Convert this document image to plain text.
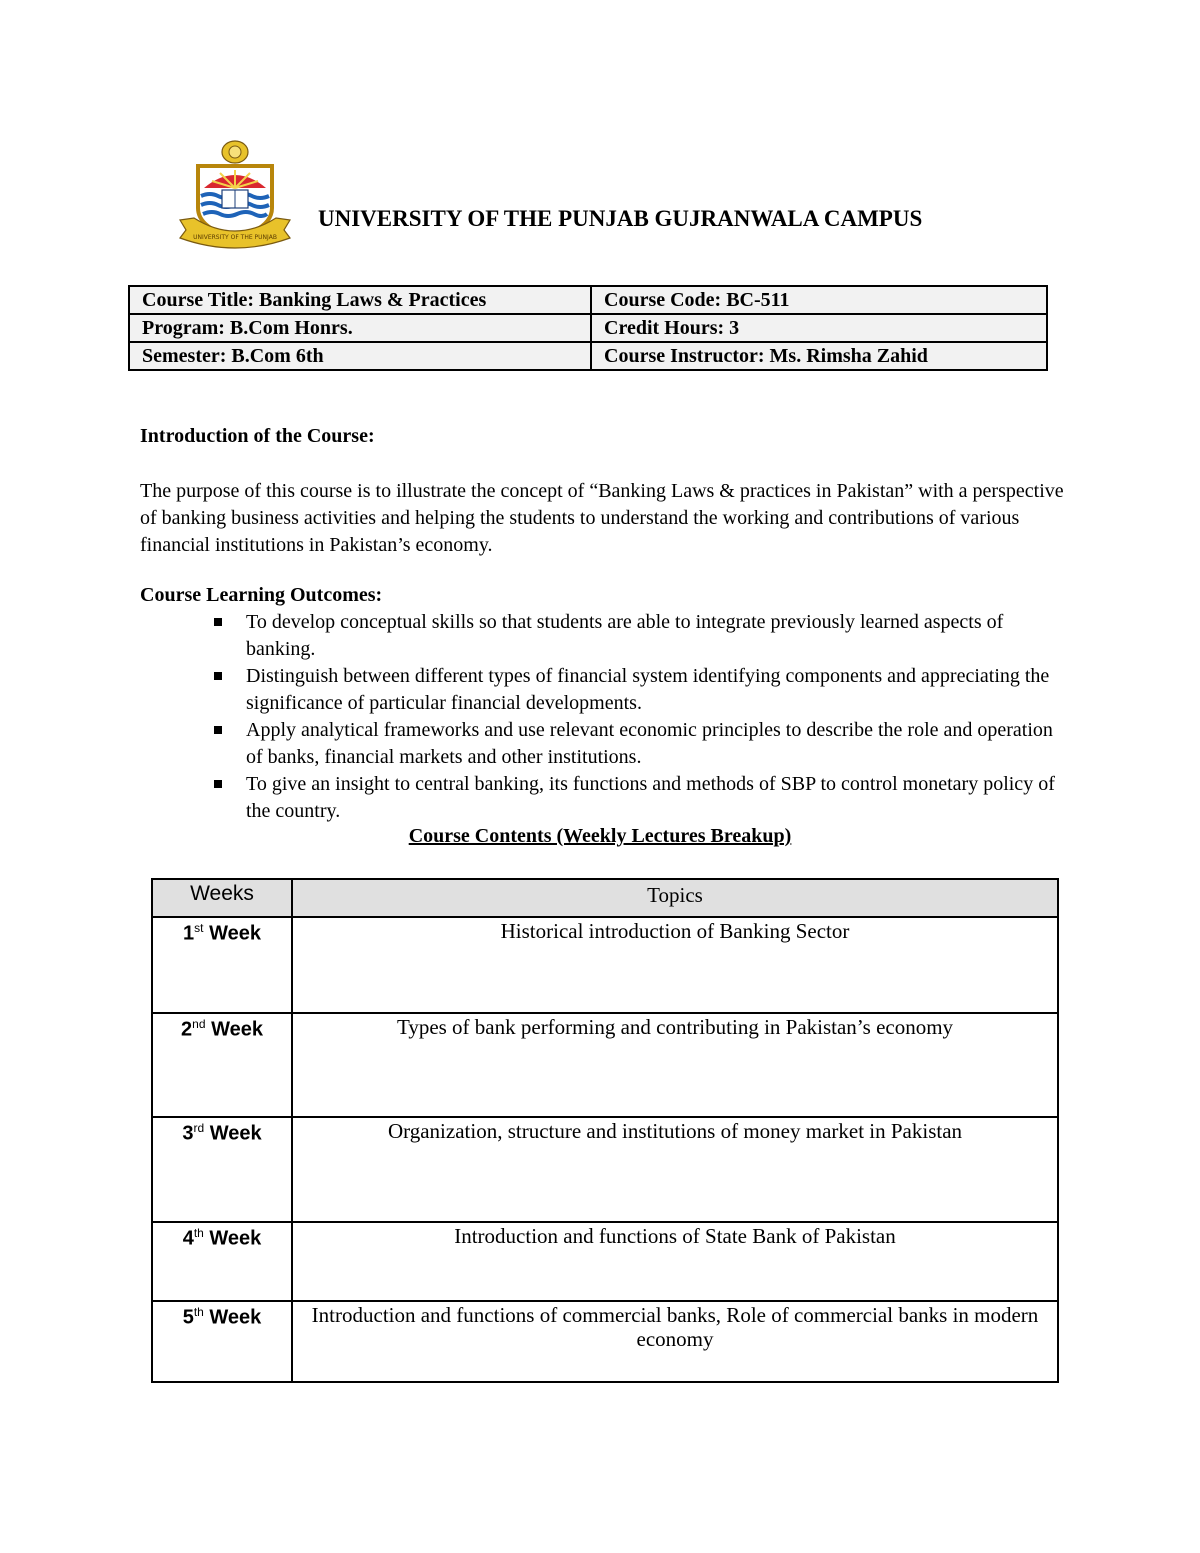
UNIVERSITY OF THE PUNJAB
UNIVERSITY OF THE PUNJAB GUJRANWALA CAMPUS
Course Title: Banking Laws & Practices	Course Code: BC-511
Program: B.Com Honrs.	Credit Hours: 3
Semester: B.Com 6th	Course Instructor: Ms. Rimsha Zahid
Introduction of the Course:
The purpose of this course is to illustrate the concept of “Banking Laws & practices in Pakistan” with a perspective of banking business activities and helping the students to understand the working and contributions of various financial institutions in Pakistan’s economy.
Course Learning Outcomes:
To develop conceptual skills so that students are able to integrate previously learned aspects of banking.
Distinguish between different types of financial system identifying components and appreciating the significance of particular financial developments.
Apply analytical frameworks and use relevant economic principles to describe the role and operation of banks, financial markets and other institutions.
To give an insight to central banking, its functions and methods of SBP to control monetary policy of the country.
Course Contents (Weekly Lectures Breakup)
Weeks	Topics

1st Week	Historical introduction of Banking Sector
2nd Week	Types of bank performing and contributing in Pakistan’s economy
3rd Week	Organization, structure and institutions of money market in Pakistan
4th Week	Introduction and functions of State Bank of Pakistan
5th Week	Introduction and functions of commercial banks, Role of commercial banks in modern economy
